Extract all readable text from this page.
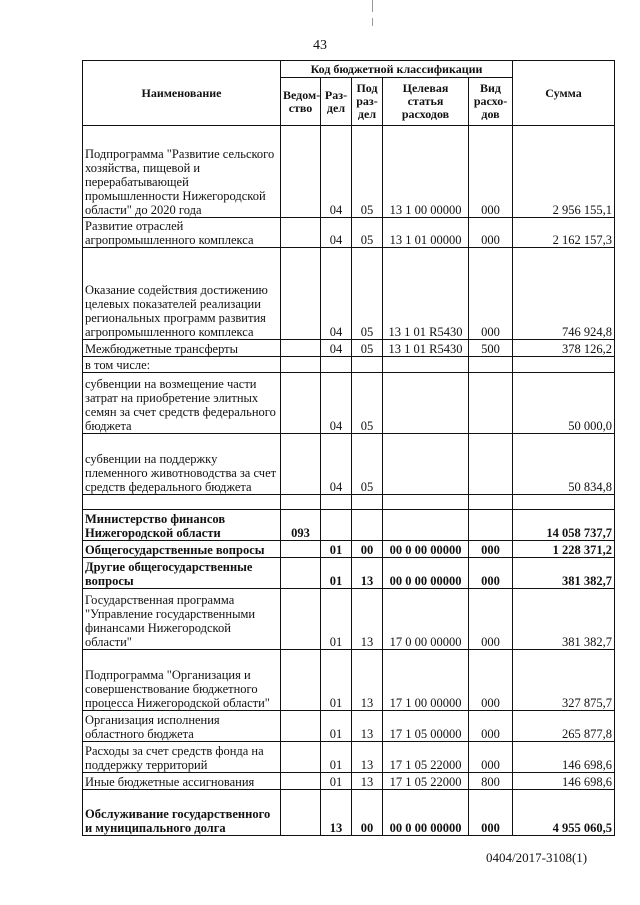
43
Наименование	Код бюджетной классификации					Сумма
	Ведом-ство	Раз-дел	Под раз-дел	Целевая статья расходов	Вид расхо-дов	
Подпрограмма "Развитие сельского хозяйства, пищевой и перерабатывающей промышленности Нижегородской области" до 2020 года		04	05	13 1 00 00000	000	2 956 155,1
Развитие отраслей агропромышленного комплекса		04	05	13 1 01 00000	000	2 162 157,3
Оказание содействия достижению целевых показателей реализации региональных программ развития агропромышленного комплекса		04	05	13 1 01 R5430	000	746 924,8
Межбюджетные трансферты		04	05	13 1 01 R5430	500	378 126,2
в том числе:						
субвенции на возмещение части затрат на приобретение элитных семян за счет средств федерального бюджета		04	05			50 000,0
субвенции на поддержку племенного животноводства за счет средств федерального бюджета		04	05			50 834,8

Министерство финансов Нижегородской области	093					14 058 737,7
Общегосударственные вопросы		01	00	00 0 00 00000	000	1 228 371,2
Другие общегосударственные вопросы		01	13	00 0 00 00000	000	381 382,7
Государственная программа "Управление государственными финансами Нижегородской области"		01	13	17 0 00 00000	000	381 382,7
Подпрограмма "Организация и совершенствование бюджетного процесса Нижегородской области"		01	13	17 1 00 00000	000	327 875,7
Организация исполнения областного бюджета		01	13	17 1 05 00000	000	265 877,8
Расходы за счет средств фонда на поддержку территорий		01	13	17 1 05 22000	000	146 698,6
Иные бюджетные ассигнования		01	13	17 1 05 22000	800	146 698,6
Обслуживание государственного и муниципального долга		13	00	00 0 00 00000	000	4 955 060,5
0404/2017-3108(1)
